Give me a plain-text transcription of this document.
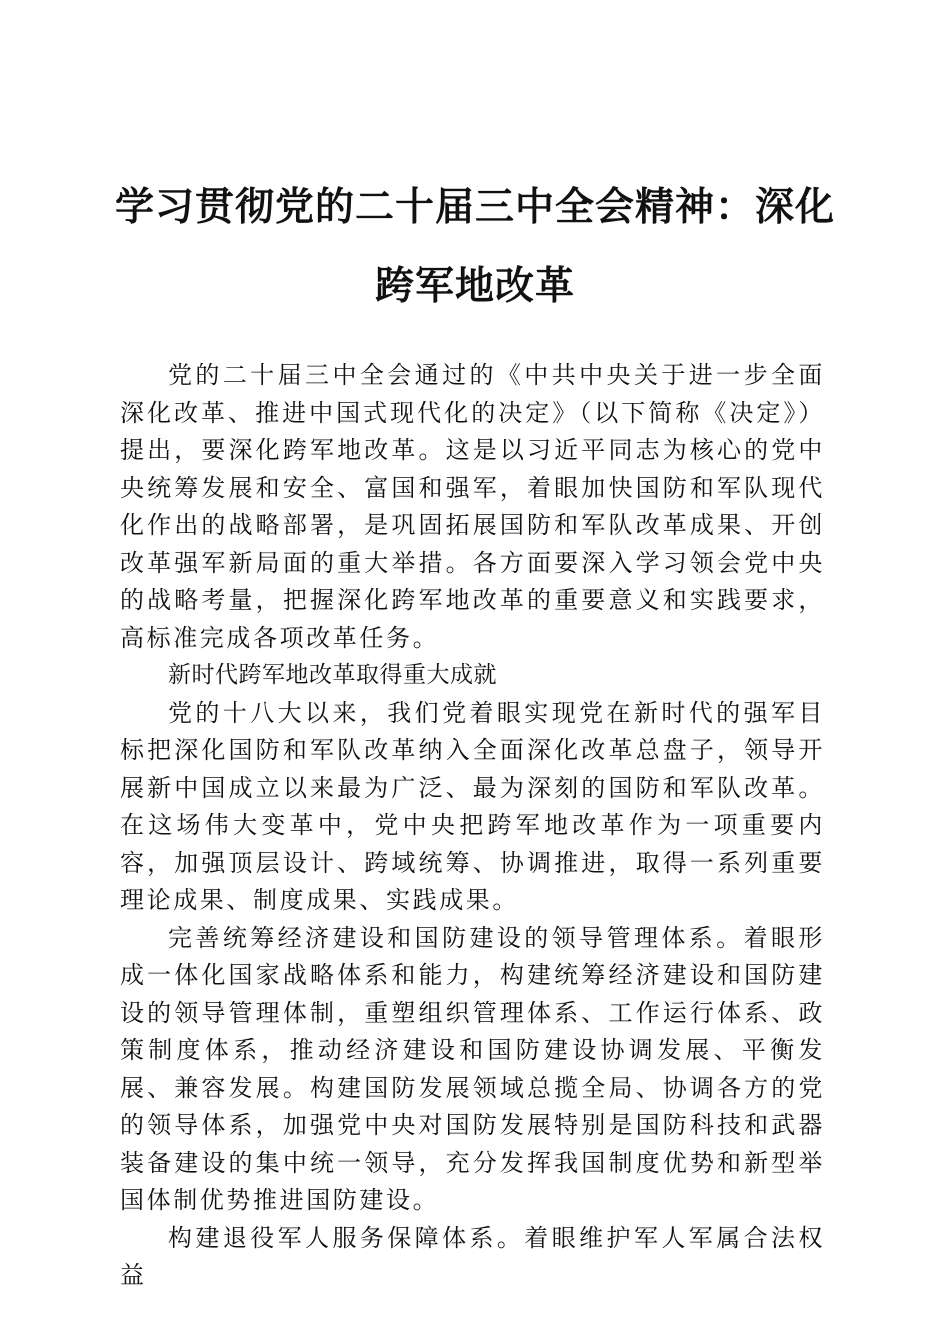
学习贯彻党的二十届三中全会精神：深化跨军地改革

党的二十届三中全会通过的《中共中央关于进一步全面深化改革、推进中国式现代化的决定》（以下简称《决定》）提出，要深化跨军地改革。这是以习近平同志为核心的党中央统筹发展和安全、富国和强军，着眼加快国防和军队现代化作出的战略部署，是巩固拓展国防和军队改革成果、开创改革强军新局面的重大举措。各方面要深入学习领会党中央的战略考量，把握深化跨军地改革的重要意义和实践要求，高标准完成各项改革任务。

新时代跨军地改革取得重大成就

党的十八大以来，我们党着眼实现党在新时代的强军目标把深化国防和军队改革纳入全面深化改革总盘子，领导开展新中国成立以来最为广泛、最为深刻的国防和军队改革。在这场伟大变革中，党中央把跨军地改革作为一项重要内容，加强顶层设计、跨域统筹、协调推进，取得一系列重要理论成果、制度成果、实践成果。

完善统筹经济建设和国防建设的领导管理体系。着眼形成一体化国家战略体系和能力，构建统筹经济建设和国防建设的领导管理体制，重塑组织管理体系、工作运行体系、政策制度体系，推动经济建设和国防建设协调发展、平衡发展、兼容发展。构建国防发展领域总揽全局、协调各方的党的领导体系，加强党中央对国防发展特别是国防科技和武器装备建设的集中统一领导，充分发挥我国制度优势和新型举国体制优势推进国防建设。

构建退役军人服务保障体系。着眼维护军人军属合法权益
